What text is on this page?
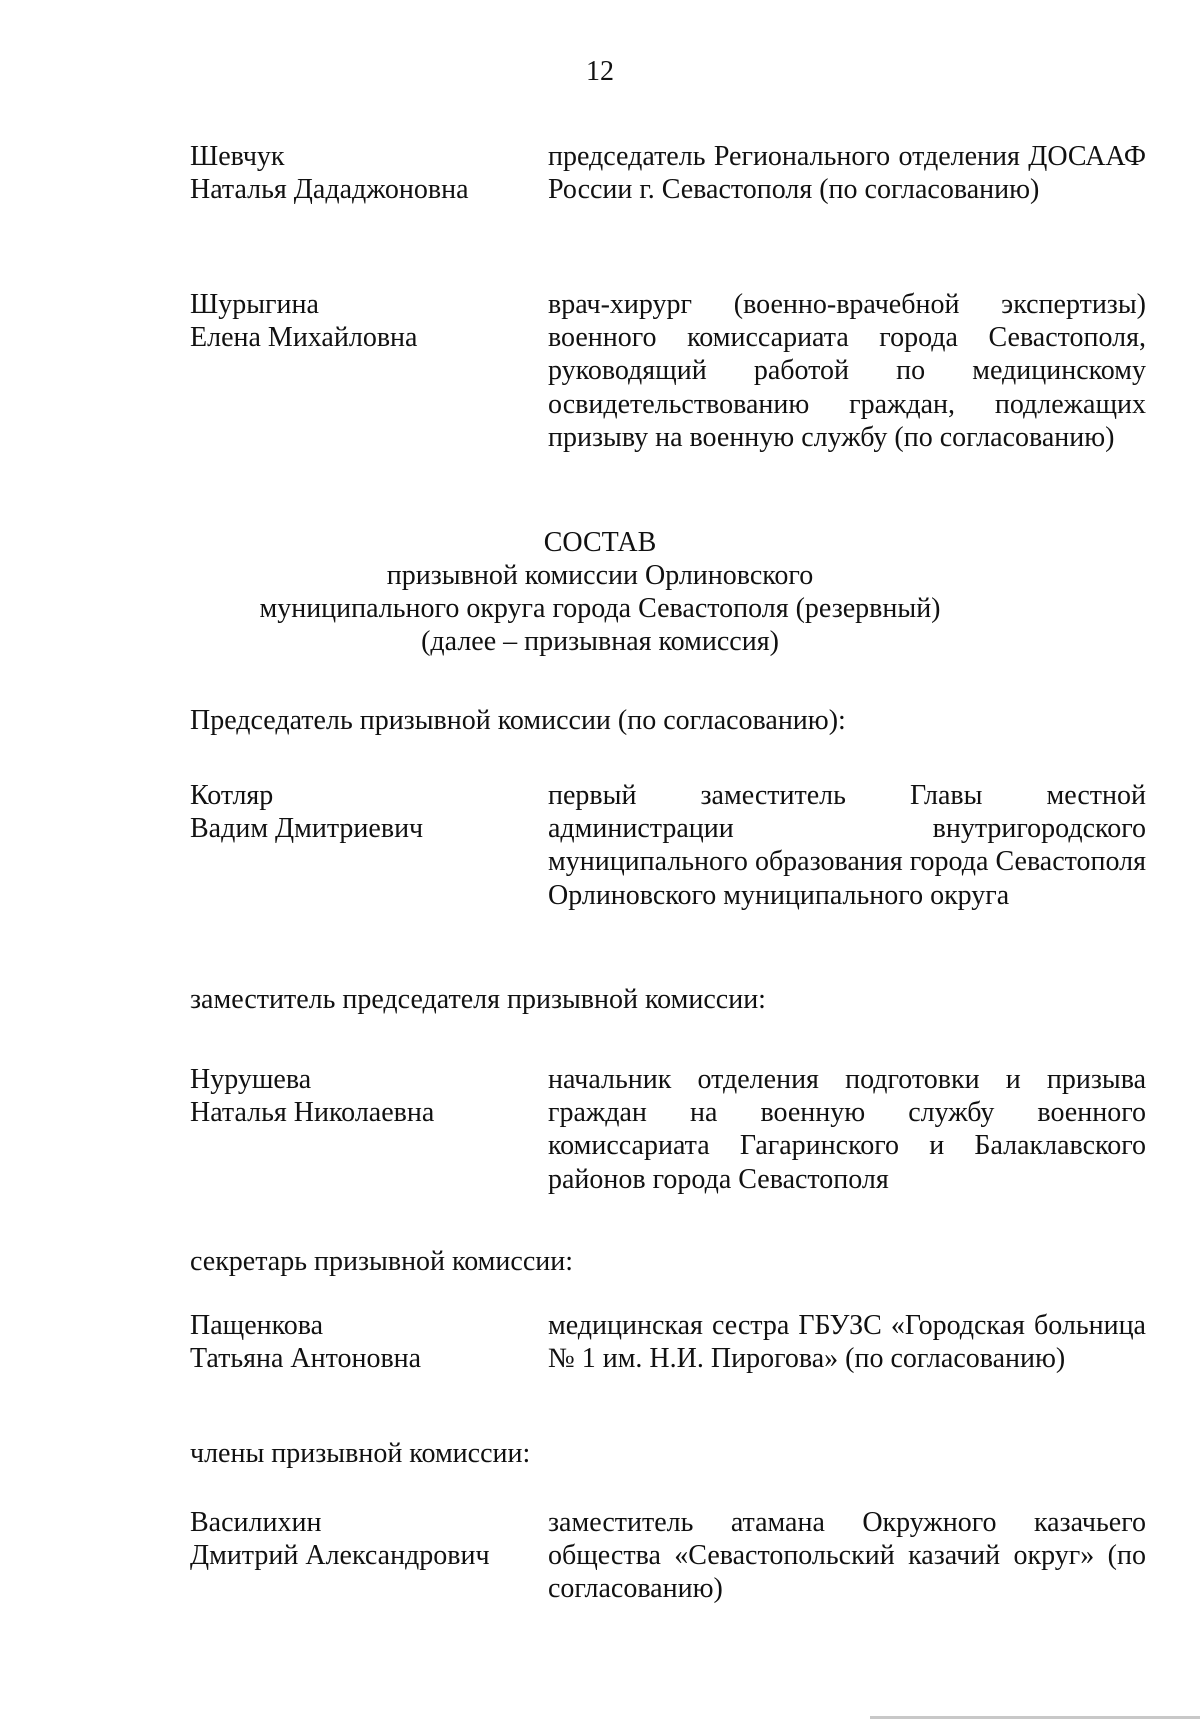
12
Шевчук
Наталья Дададжоновна
председатель Регионального отделения ДОСААФ России г. Севастополя (по согласованию)
Шурыгина
Елена Михайловна
врач-хирург (военно-врачебной экспертизы) военного комиссариата города Севастополя, руководящий работой по медицинскому освидетельствованию граждан, подлежащих призыву на военную службу (по согласованию)
СОСТАВ
призывной комиссии Орлиновского
муниципального округа города Севастополя (резервный)
(далее – призывная комиссия)
Председатель призывной комиссии (по согласованию):
Котляр
Вадим Дмитриевич
первый заместитель Главы местной администрации внутригородского муниципального образования города Севастополя Орлиновского муниципального округа
заместитель председателя призывной комиссии:
Нурушева
Наталья Николаевна
начальник отделения подготовки и призыва граждан на военную службу военного комиссариата Гагаринского и Балаклавского районов города Севастополя
секретарь призывной комиссии:
Пащенкова
Татьяна Антоновна
медицинская сестра ГБУЗС «Городская больница № 1 им. Н.И. Пирогова» (по согласованию)
члены призывной комиссии:
Василихин
Дмитрий Александрович
заместитель атамана Окружного казачьего общества «Севастопольский казачий округ» (по согласованию)
